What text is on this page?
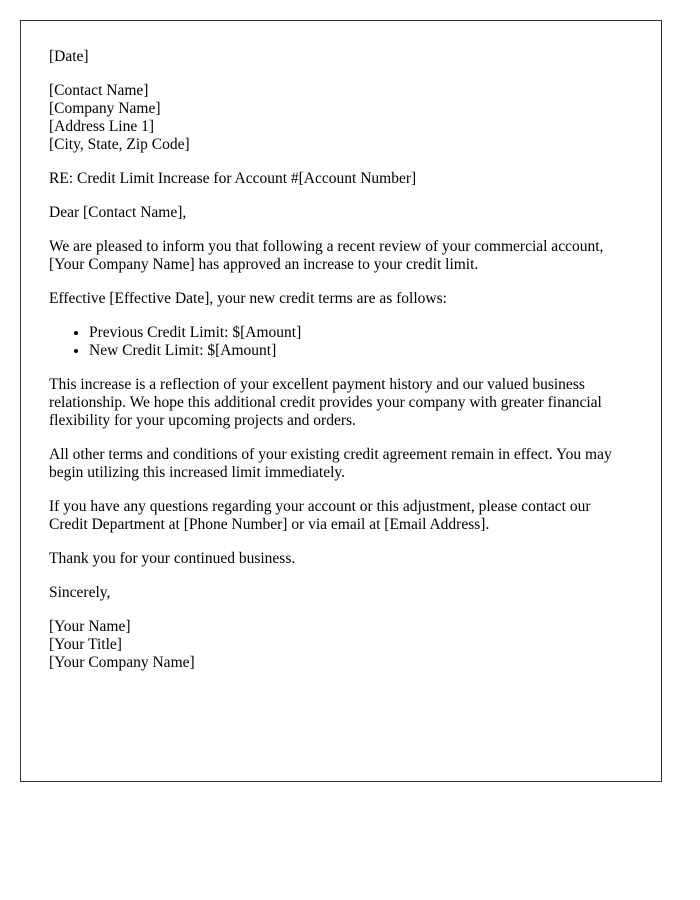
[Date]

[Contact Name]
[Company Name]
[Address Line 1]
[City, State, Zip Code]

RE: Credit Limit Increase for Account #[Account Number]

Dear [Contact Name],

We are pleased to inform you that following a recent review of your commercial account, [Your Company Name] has approved an increase to your credit limit.

Effective [Effective Date], your new credit terms are as follows:

• Previous Credit Limit: $[Amount]
• New Credit Limit: $[Amount]

This increase is a reflection of your excellent payment history and our valued business relationship. We hope this additional credit provides your company with greater financial flexibility for your upcoming projects and orders.

All other terms and conditions of your existing credit agreement remain in effect. You may begin utilizing this increased limit immediately.

If you have any questions regarding your account or this adjustment, please contact our Credit Department at [Phone Number] or via email at [Email Address].

Thank you for your continued business.

Sincerely,

[Your Name]
[Your Title]
[Your Company Name]
